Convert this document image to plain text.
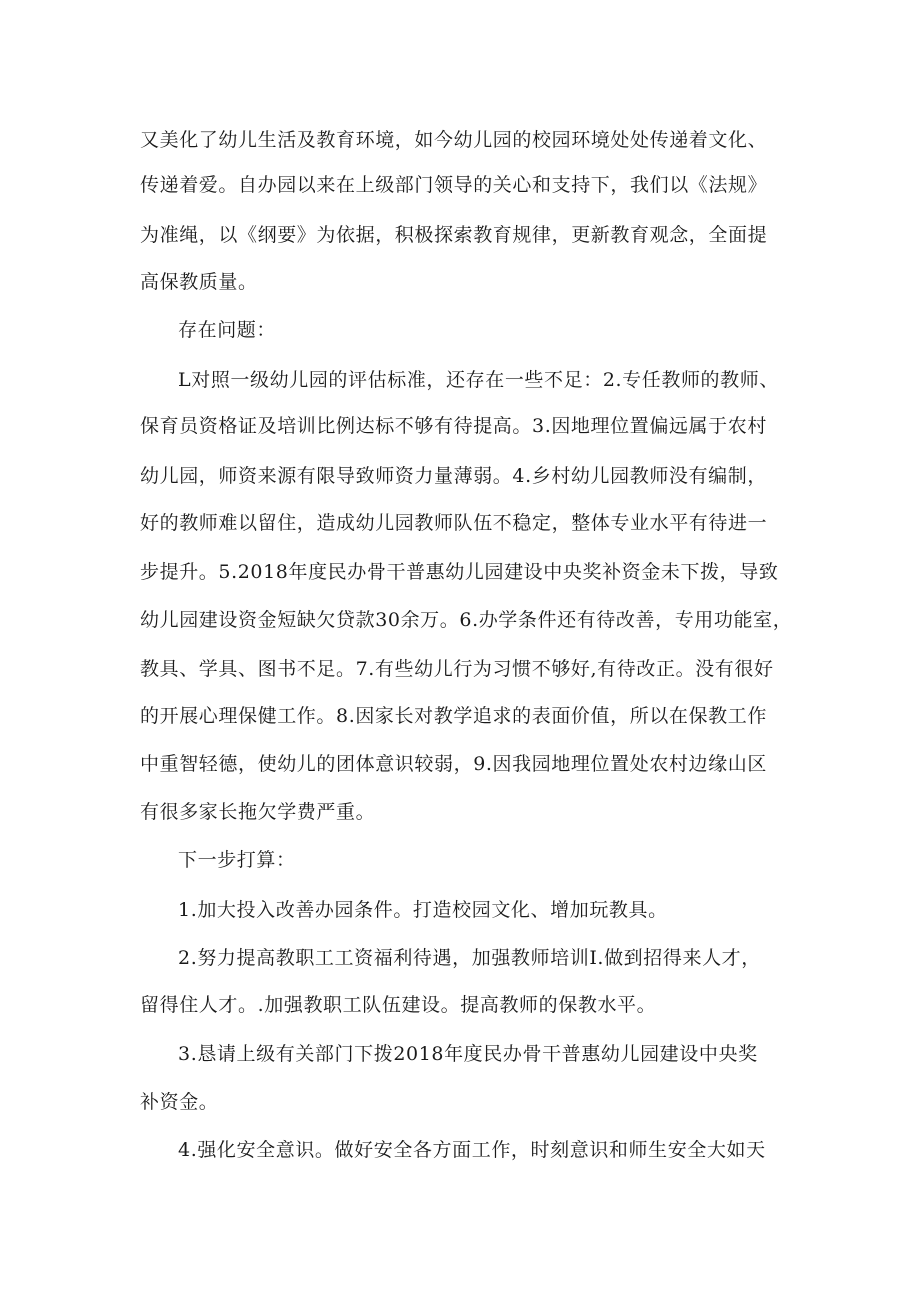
又美化了幼儿生活及教育环境，如今幼儿园的校园环境处处传递着文化、
传递着爱。自办园以来在上级部门领导的关心和支持下，我们以《法规》
为准绳，以《纲要》为依据，积极探索教育规律，更新教育观念，全面提
高保教质量。
存在问题：
L对照一级幼儿园的评估标准，还存在一些不足：2.专任教师的教师、
保育员资格证及培训比例达标不够有待提高。3.因地理位置偏远属于农村
幼儿园，师资来源有限导致师资力量薄弱。4.乡村幼儿园教师没有编制，
好的教师难以留住，造成幼儿园教师队伍不稳定，整体专业水平有待进一
步提升。5.2018年度民办骨干普惠幼儿园建设中央奖补资金未下拨，导致
幼儿园建设资金短缺欠贷款30余万。6.办学条件还有待改善，专用功能室，
教具、学具、图书不足。7.有些幼儿行为习惯不够好,有待改正。没有很好
的开展心理保健工作。8.因家长对教学追求的表面价值，所以在保教工作
中重智轻德，使幼儿的团体意识较弱，9.因我园地理位置处农村边缘山区
有很多家长拖欠学费严重。
下一步打算：
1.加大投入改善办园条件。打造校园文化、增加玩教具。
2.努力提高教职工工资福利待遇，加强教师培训I.做到招得来人才，
留得住人才。.加强教职工队伍建设。提高教师的保教水平。
3.恳请上级有关部门下拨2018年度民办骨干普惠幼儿园建设中央奖
补资金。
4.强化安全意识。做好安全各方面工作，时刻意识和师生安全大如天
